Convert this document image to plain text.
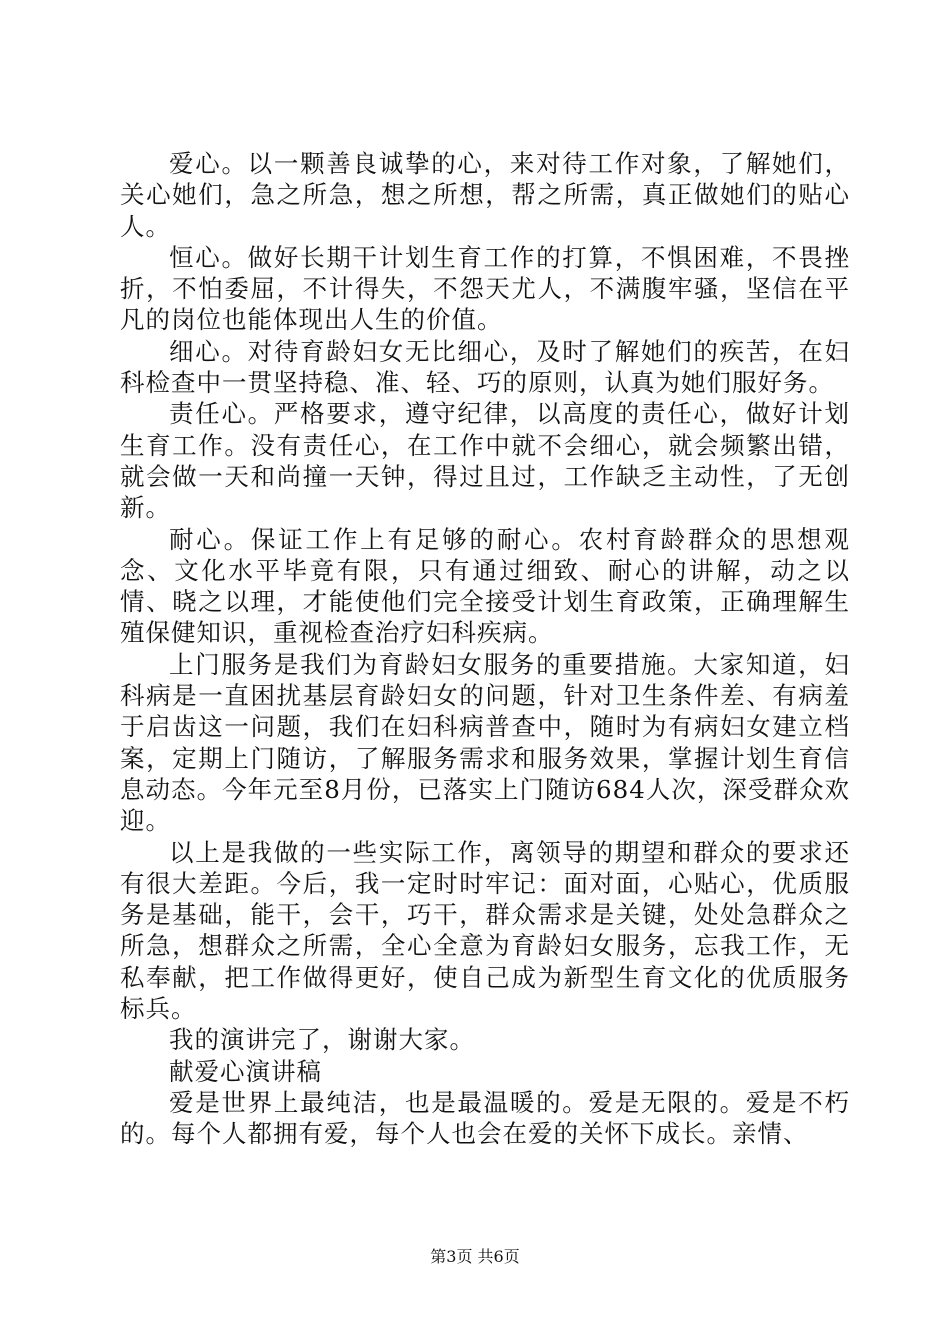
爱心。以一颗善良诚挚的心，来对待工作对象，了解她们，关心她们，急之所急，想之所想，帮之所需，真正做她们的贴心人。

恒心。做好长期干计划生育工作的打算，不惧困难，不畏挫折，不怕委屈，不计得失，不怨天尤人，不满腹牢骚，坚信在平凡的岗位也能体现出人生的价值。

细心。对待育龄妇女无比细心，及时了解她们的疾苦，在妇科检查中一贯坚持稳、准、轻、巧的原则，认真为她们服好务。

责任心。严格要求，遵守纪律，以高度的责任心，做好计划生育工作。没有责任心，在工作中就不会细心，就会频繁出错，就会做一天和尚撞一天钟，得过且过，工作缺乏主动性，了无创新。

耐心。保证工作上有足够的耐心。农村育龄群众的思想观念、文化水平毕竟有限，只有通过细致、耐心的讲解，动之以情、晓之以理，才能使他们完全接受计划生育政策，正确理解生殖保健知识，重视检查治疗妇科疾病。

上门服务是我们为育龄妇女服务的重要措施。大家知道，妇科病是一直困扰基层育龄妇女的问题，针对卫生条件差、有病羞于启齿这一问题，我们在妇科病普查中，随时为有病妇女建立档案，定期上门随访，了解服务需求和服务效果，掌握计划生育信息动态。今年元至8月份，已落实上门随访684人次，深受群众欢迎。

以上是我做的一些实际工作，离领导的期望和群众的要求还有很大差距。今后，我一定时时牢记：面对面，心贴心，优质服务是基础，能干，会干，巧干，群众需求是关键，处处急群众之所急，想群众之所需，全心全意为育龄妇女服务，忘我工作，无私奉献，把工作做得更好，使自己成为新型生育文化的优质服务标兵。

我的演讲完了，谢谢大家。

献爱心演讲稿

爱是世界上最纯洁，也是最温暖的。爱是无限的。爱是不朽的。每个人都拥有爱，每个人也会在爱的关怀下成长。亲情、

第3页 共6页
